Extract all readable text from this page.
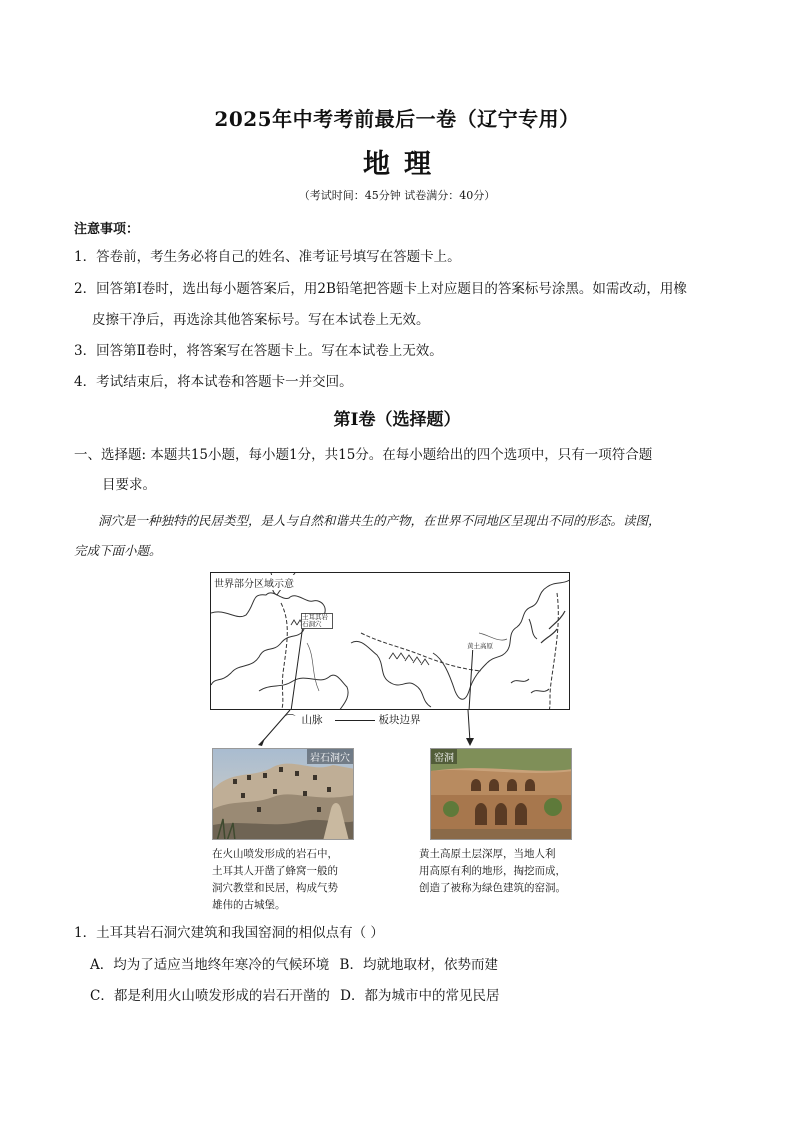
2025年中考考前最后一卷（辽宁专用）
地理
（考试时间：45分钟 试卷满分：40分）
注意事项：
1．答卷前，考生务必将自己的姓名、准考证号填写在答题卡上。
2．回答第Ⅰ卷时，选出每小题答案后，用2B铅笔把答题卡上对应题目的答案标号涂黑。如需改动，用橡
皮擦干净后，再选涂其他答案标号。写在本试卷上无效。
3．回答第Ⅱ卷时，将答案写在答题卡上。写在本试卷上无效。
4．考试结束后，将本试卷和答题卡一并交回。
第Ⅰ卷（选择题）
一、选择题: 本题共15小题，每小题1分，共15分。在每小题给出的四个选项中，只有一项符合题
目要求。
洞穴是一种独特的民居类型，是人与自然和谐共生的产物，在世界不同地区呈现出不同的形态。读图，
完成下面小题。
世界部分区域示意
土耳其岩石洞穴
黄土高原
⌒ 山脉	板块边界
岩石洞穴	窑洞
在火山喷发形成的岩石中，
土耳其人开凿了蜂窝一般的
洞穴教堂和民居，构成气势
雄伟的古城堡。
黄土高原土层深厚，当地人利
用高原有利的地形，掏挖而成，
创造了被称为绿色建筑的窑洞。
1．土耳其岩石洞穴建筑和我国窑洞的相似点有（ ）
A．均为了适应当地终年寒冷的气候环境 B．均就地取材，依势而建
C．都是利用火山喷发形成的岩石开凿的 D．都为城市中的常见民居
